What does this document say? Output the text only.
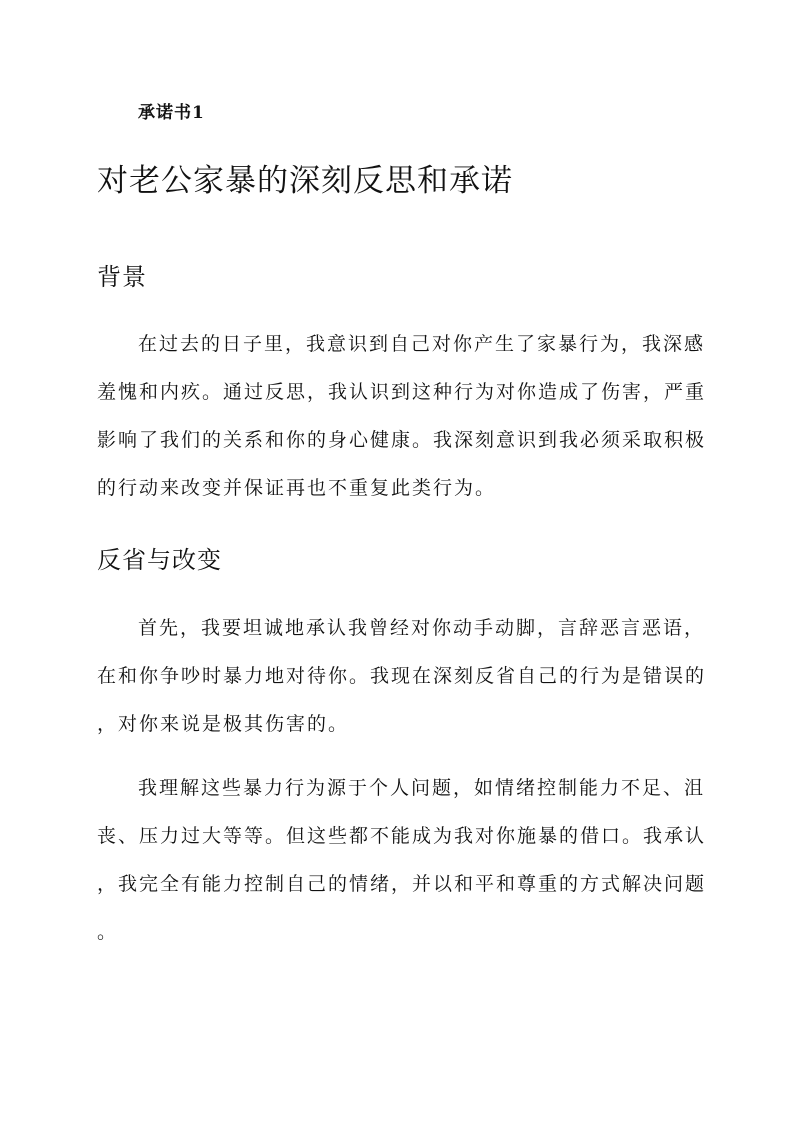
承诺书1
对老公家暴的深刻反思和承诺
背景

在过去的日子里，我意识到自己对你产生了家暴行为，我深感
羞愧和内疚。通过反思，我认识到这种行为对你造成了伤害，严重
影响了我们的关系和你的身心健康。我深刻意识到我必须采取积极
的行动来改变并保证再也不重复此类行为。

反省与改变

首先，我要坦诚地承认我曾经对你动手动脚，言辞恶言恶语，
在和你争吵时暴力地对待你。我现在深刻反省自己的行为是错误的
，对你来说是极其伤害的。

我理解这些暴力行为源于个人问题，如情绪控制能力不足、沮
丧、压力过大等等。但这些都不能成为我对你施暴的借口。我承认
，我完全有能力控制自己的情绪，并以和平和尊重的方式解决问题
。
